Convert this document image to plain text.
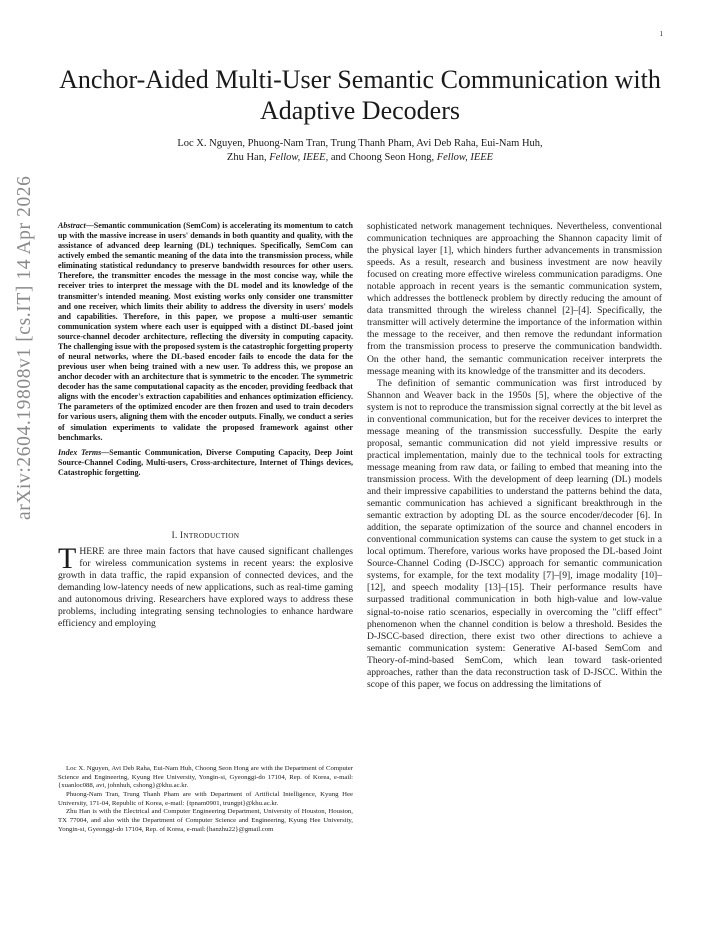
1
arXiv:2604.19808v1 [cs.IT] 14 Apr 2026
Anchor-Aided Multi-User Semantic Communication with Adaptive Decoders
Loc X. Nguyen, Phuong-Nam Tran, Trung Thanh Pham, Avi Deb Raha, Eui-Nam Huh,
Zhu Han, Fellow, IEEE, and Choong Seon Hong, Fellow, IEEE

Abstract—Semantic communication (SemCom) is accelerating its momentum to catch up with the massive increase in users' demands in both quantity and quality, with the assistance of advanced deep learning (DL) techniques. Specifically, SemCom can actively embed the semantic meaning of the data into the transmission process, while eliminating statistical redundancy to preserve bandwidth resources for other users. Therefore, the transmitter encodes the message in the most concise way, while the receiver tries to interpret the message with the DL model and its knowledge of the transmitter's intended meaning. Most existing works only consider one transmitter and one receiver, which limits their ability to address the diversity in users' models and capabilities. Therefore, in this paper, we propose a multi-user semantic communication system where each user is equipped with a distinct DL-based joint source-channel decoder architecture, reflecting the diversity in computing capacity. The challenging issue with the proposed system is the catastrophic forgetting property of neural networks, where the DL-based encoder fails to encode the data for the previous user when being trained with a new user. To address this, we propose an anchor decoder with an architecture that is symmetric to the encoder. The symmetric decoder has the same computational capacity as the encoder, providing feedback that aligns with the encoder's extraction capabilities and enhances optimization efficiency. The parameters of the optimized encoder are then frozen and used to train decoders for various users, aligning them with the encoder outputs. Finally, we conduct a series of simulation experiments to validate the proposed framework against other benchmarks.

Index Terms—Semantic Communication, Diverse Computing Capacity, Deep Joint Source-Channel Coding, Multi-users, Cross-architecture, Internet of Things devices, Catastrophic forgetting.

I. INTRODUCTION

THERE are three main factors that have caused significant challenges for wireless communication systems in recent years: the explosive growth in data traffic, the rapid expansion of connected devices, and the demanding low-latency needs of new applications, such as real-time gaming and autonomous driving. Researchers have explored ways to address these problems, including integrating sensing technologies to enhance hardware efficiency and employing

Loc X. Nguyen, Avi Deb Raha, Eui-Nam Huh, Choong Seon Hong are with the Department of Computer Science and Engineering, Kyung Hee University, Yongin-si, Gyeonggi-do 17104, Rep. of Korea, e-mail: {xuanloc088, avi, johnhuh, cshong}@khu.ac.kr.

Phuong-Nam Tran, Trung Thanh Pham are with Department of Artificial Intelligence, Kyung Hee University, 171-04, Republic of Korea, e-mail: {tpnam0901, trungpt}@khu.ac.kr.

Zhu Han is with the Electrical and Computer Engineering Department, University of Houston, Houston, TX 77004, and also with the Department of Computer Science and Engineering, Kyung Hee University, Yongin-si, Gyeonggi-do 17104, Rep. of Korea, e-mail:{hanzhu22}@gmail.com

sophisticated network management techniques. Nevertheless, conventional communication techniques are approaching the Shannon capacity limit of the physical layer [1], which hinders further advancements in transmission speeds. As a result, research and business investment are now heavily focused on creating more effective wireless communication paradigms. One notable approach in recent years is the semantic communication system, which addresses the bottleneck problem by directly reducing the amount of data transmitted through the wireless channel [2]–[4]. Specifically, the transmitter will actively determine the importance of the information within the message to the receiver, and then remove the redundant information from the transmission process to preserve the communication bandwidth. On the other hand, the semantic communication receiver interprets the message meaning with its knowledge of the transmitter and its decoders.

The definition of semantic communication was first introduced by Shannon and Weaver back in the 1950s [5], where the objective of the system is not to reproduce the transmission signal correctly at the bit level as in conventional communication, but for the receiver devices to interpret the message meaning of the transmission successfully. Despite the early proposal, semantic communication did not yield impressive results or practical implementation, mainly due to the technical tools for extracting message meaning from raw data, or failing to embed that meaning into the transmission process. With the development of deep learning (DL) models and their impressive capabilities to understand the patterns behind the data, semantic communication has achieved a significant breakthrough in the semantic extraction by adopting DL as the source encoder/decoder [6]. In addition, the separate optimization of the source and channel encoders in conventional communication systems can cause the system to get stuck in a local optimum. Therefore, various works have proposed the DL-based Joint Source-Channel Coding (D-JSCC) approach for semantic communication systems, for example, for the text modality [7]–[9], image modality [10]–[12], and speech modality [13]–[15]. Their performance results have surpassed traditional communication in both high-value and low-value signal-to-noise ratio scenarios, especially in overcoming the "cliff effect" phenomenon when the channel condition is below a threshold. Besides the D-JSCC-based direction, there exist two other directions to achieve a semantic communication system: Generative AI-based SemCom and Theory-of-mind-based SemCom, which lean toward task-oriented approaches, rather than the data reconstruction task of D-JSCC. Within the scope of this paper, we focus on addressing the limitations of
